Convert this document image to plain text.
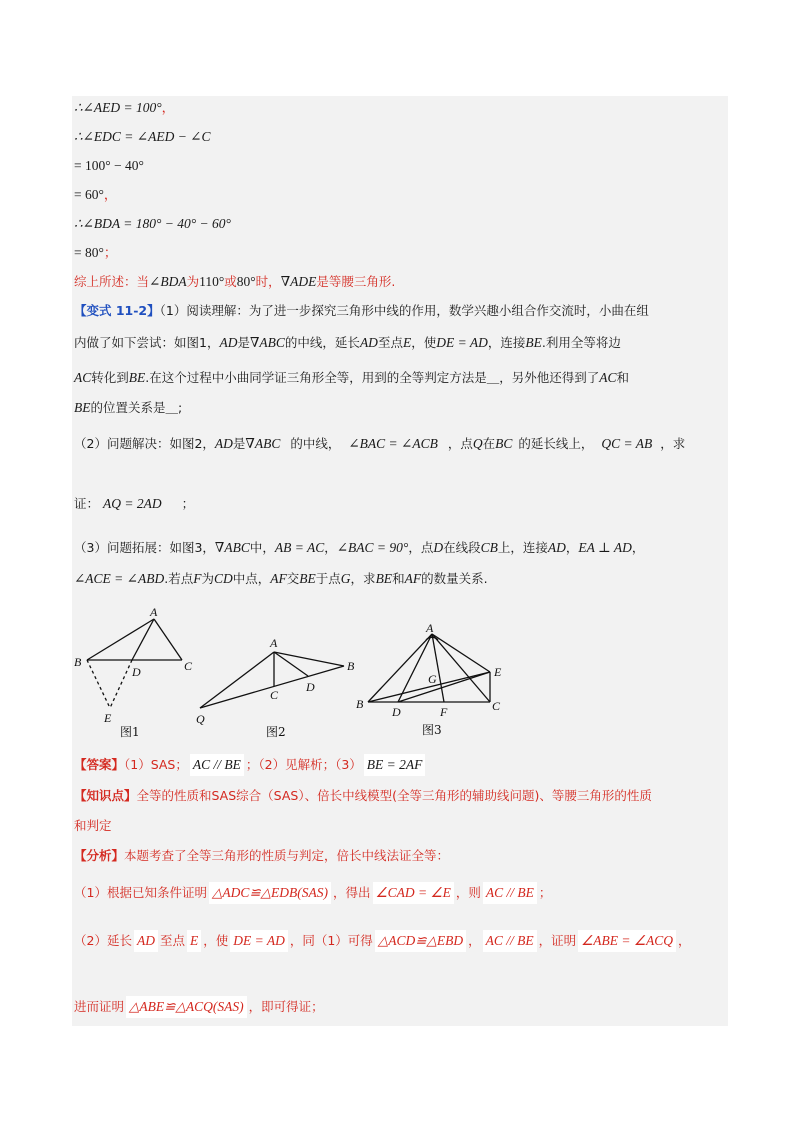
∴∠AED = 100°，
∴∠EDC = ∠AED − ∠C
= 100° − 40°
= 60°，
∴∠BDA = 180° − 40° − 60°
= 80°；
综上所述：当∠BDA为110°或80°时，∇ADE是等腰三角形.
【变式 11-2】（1）阅读理解：为了进一步探究三角形中线的作用，数学兴趣小组合作交流时，小曲在组
内做了如下尝试：如图1，AD是∇ABC的中线，延长AD至点E，使DE = AD，连接BE.利用全等将边
AC转化到BE.在这个过程中小曲同学证三角形全等，用到的全等判定方法是＿，另外他还得到了AC和
BE的位置关系是＿;
（2）问题解决：如图2，AD是∇ABC 的中线， ∠BAC = ∠ACB ，点Q在BC 的延长线上， QC = AB ，求
证： AQ = 2AD ；
（3）问题拓展：如图3，∇ABC中，AB = AC，∠BAC = 90°，点D在线段CB上，连接AD，EA ⊥ AD，
∠ACE = ∠ABD.若点F为CD中点，AF交BE于点G，求BE和AF的数量关系.
A
B	C
D
E
图1
A
B
C
D
Q
图2
A
B	C
D
E
F
G
图3
【答案】（1）SAS； AC // BE ；（2）见解析；（3） BE = 2AF
【知识点】全等的性质和SAS综合（SAS）、倍长中线模型(全等三角形的辅助线问题)、等腰三角形的性质
和判定
【分析】本题考查了全等三角形的性质与判定，倍长中线法证全等：
（1）根据已知条件证明 △ADC≌△EDB(SAS) ，得出 ∠CAD = ∠E ，则 AC // BE ；
（2）延长 AD 至点 E ，使 DE = AD ，同（1）可得 △ACD≌△EBD ， AC // BE ，证明 ∠ABE = ∠ACQ ，
进而证明 △ABE≌△ACQ(SAS) ，即可得证；
